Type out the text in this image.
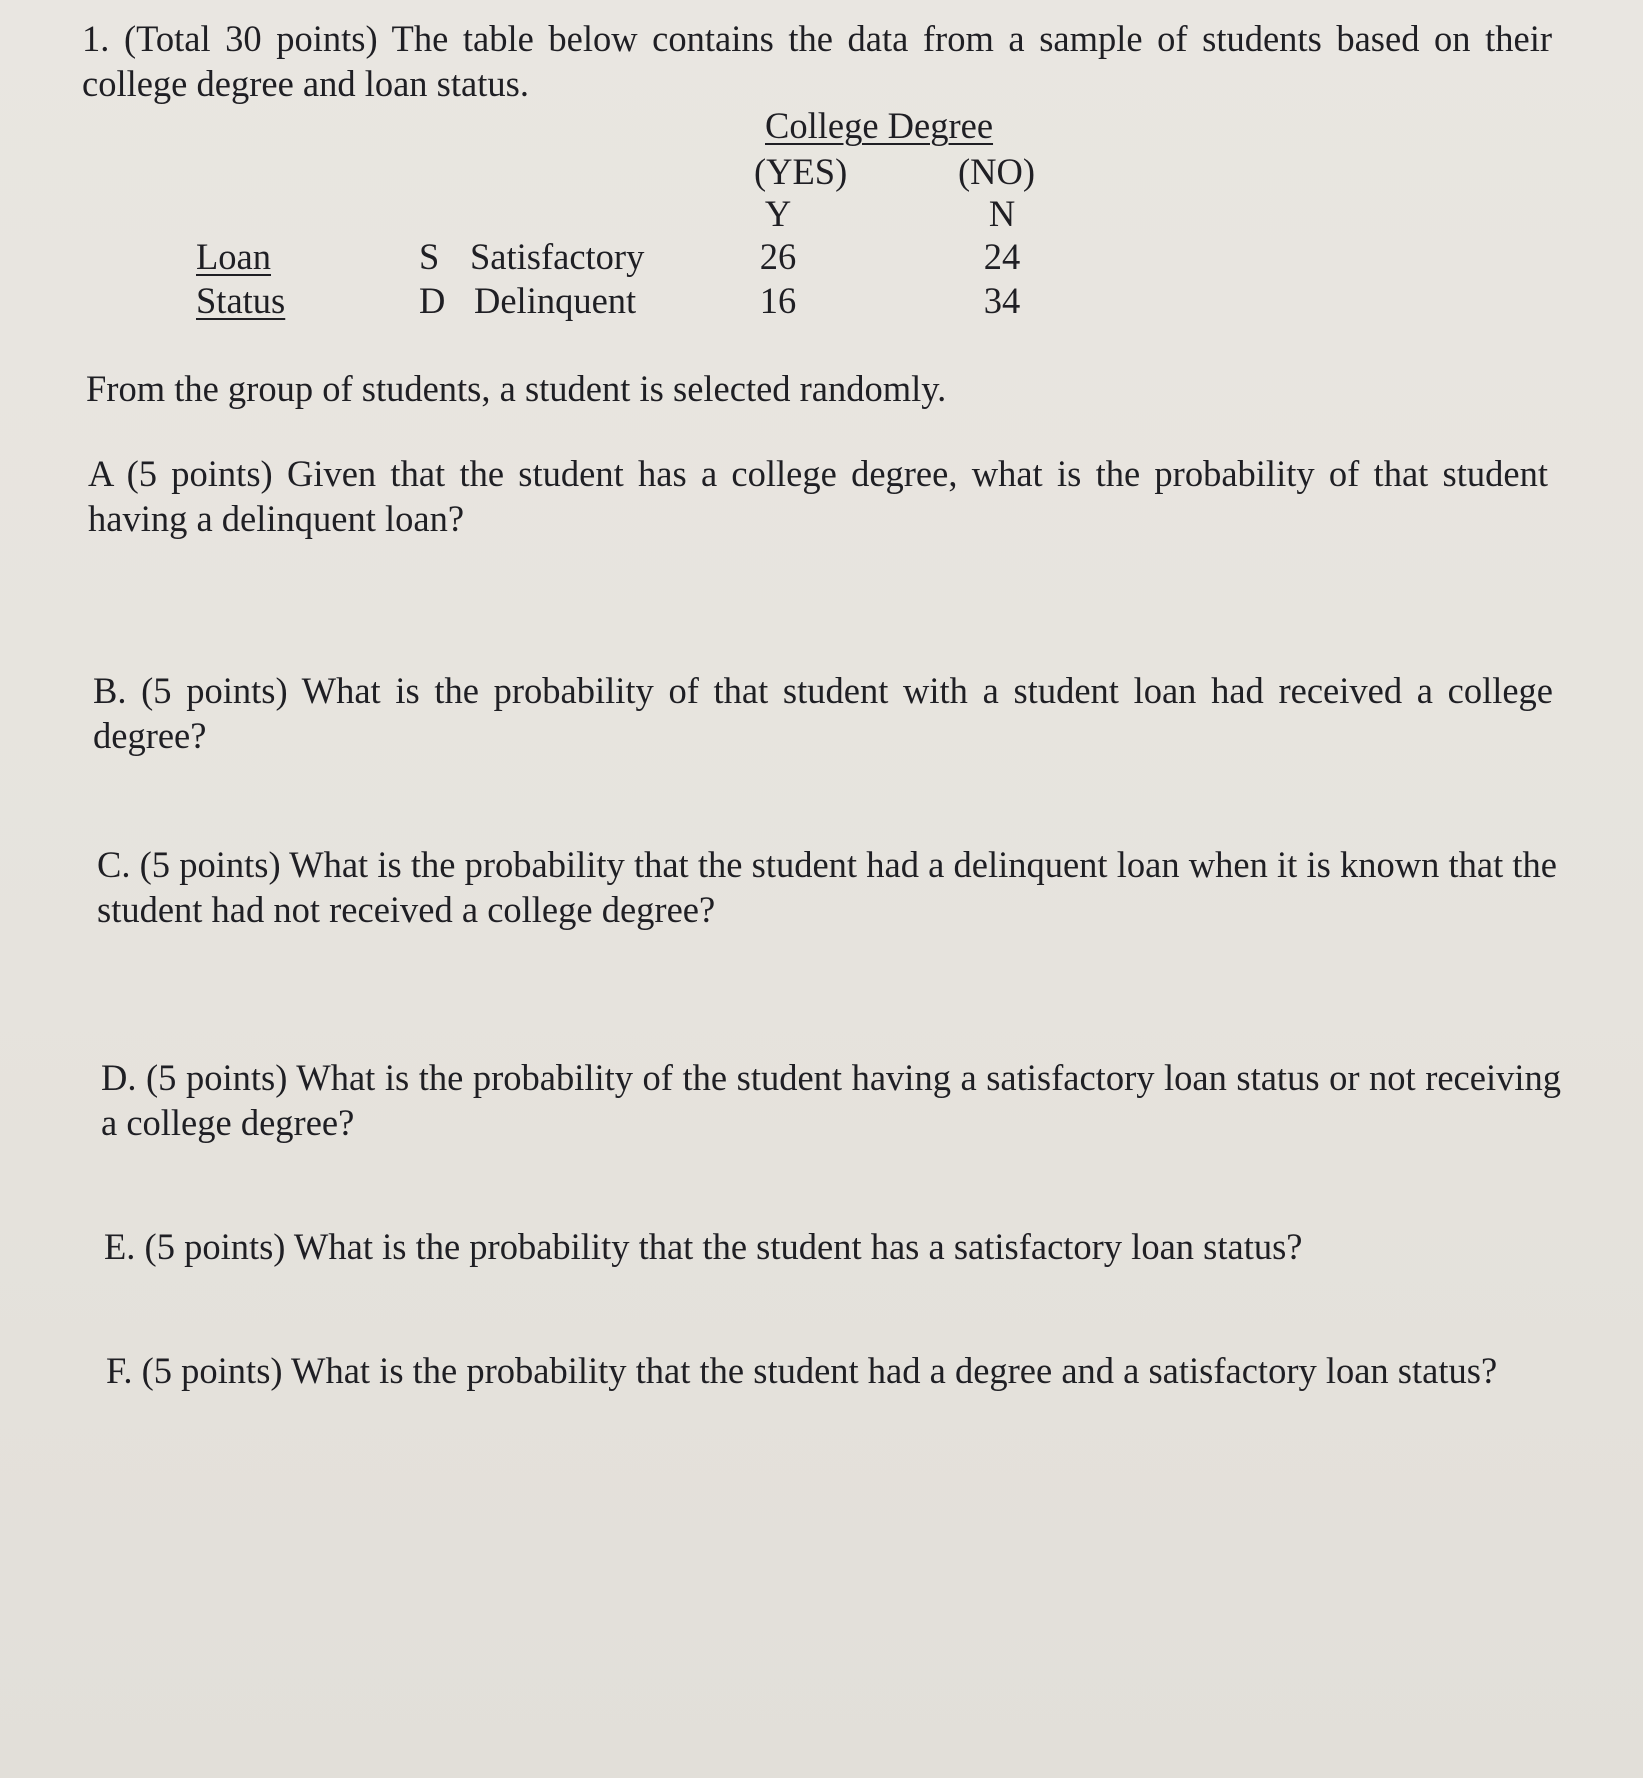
1. (Total 30 points) The table below contains the data from a sample of students based on their college degree and loan status.
College Degree
(YES)	(NO)
Y	N
Loan
Status
S Satisfactory	26	24
D Delinquent	16	34
From the group of students, a student is selected randomly.
A (5 points) Given that the student has a college degree, what is the probability of that student having a delinquent loan?
B. (5 points) What is the probability of that student with a student loan had received a college degree?
C. (5 points) What is the probability that the student had a delinquent loan when it is known that the student had not received a college degree?
D. (5 points) What is the probability of the student having a satisfactory loan status or not receiving a college degree?
E. (5 points) What is the probability that the student has a satisfactory loan status?
F. (5 points) What is the probability that the student had a degree and a satisfactory loan status?
